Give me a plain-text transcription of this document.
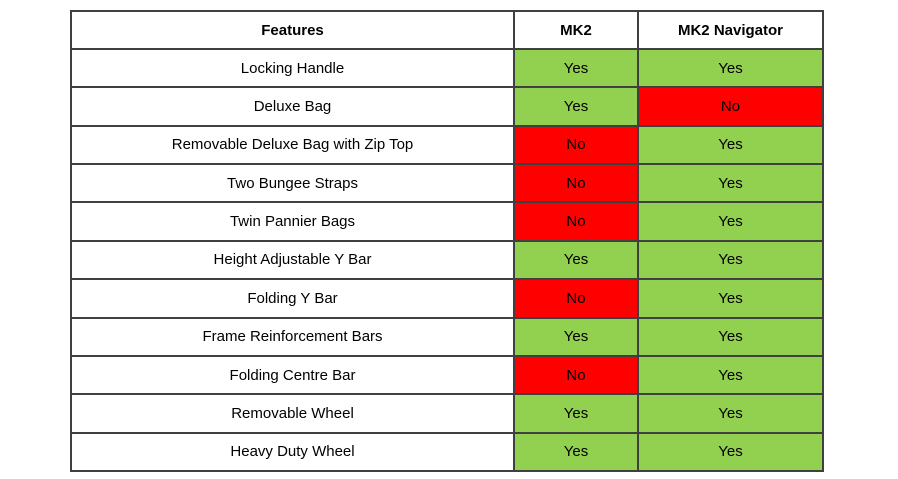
Features	MK2	MK2 Navigator
Locking Handle	Yes	Yes
Deluxe Bag	Yes	No
Removable Deluxe Bag with Zip Top	No	Yes
Two Bungee Straps	No	Yes
Twin Pannier Bags	No	Yes
Height Adjustable Y Bar	Yes	Yes
Folding Y Bar	No	Yes
Frame Reinforcement Bars	Yes	Yes
Folding Centre Bar	No	Yes
Removable Wheel	Yes	Yes
Heavy Duty Wheel	Yes	Yes
